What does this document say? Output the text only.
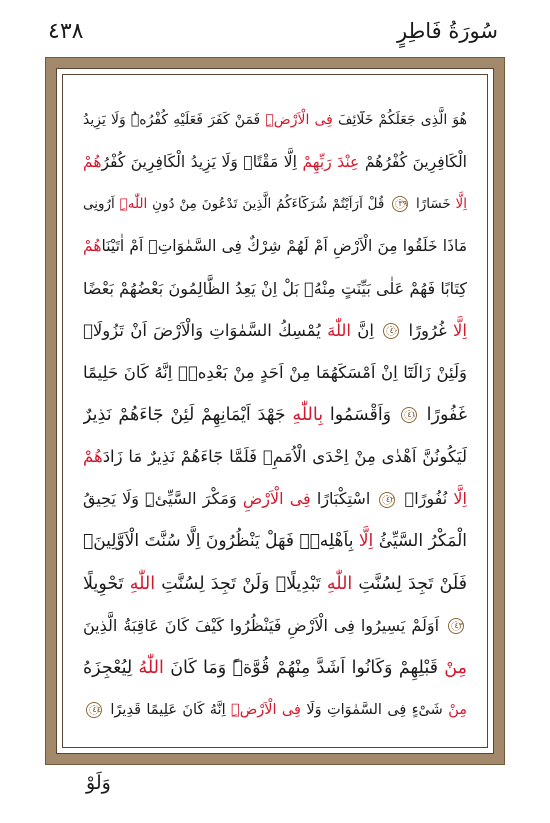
٤٣٨	سُورَةُ فَاطِرٍ
هُوَ الَّذِى جَعَلَكُمْ خَلَٓائِفَ فِى الْاَرْضِۜ فَمَنْ كَفَرَ فَعَلَيْهِ كُفْرُهُۜ وَلَا يَزِيدُ
الْكَافِرِينَ كُفْرُهُمْ عِنْدَ رَبِّهِمْ اِلَّا مَقْتًاۚ وَلَا يَزِيدُ الْكَافِرِينَ كُفْرُهُمْ
اِلَّا خَسَارًا ٣٩ قُلْ اَرَاَيْتُمْ شُرَكَٓاءَكُمُ الَّذِينَ تَدْعُونَ مِنْ دُونِ اللّٰهِۜ اَرُونِى
مَاذَا خَلَقُوا مِنَ الْاَرْضِ اَمْ لَهُمْ شِرْكٌ فِى السَّمٰوَاتِۚ اَمْ اٰتَيْنَاهُمْ
كِتَابًا فَهُمْ عَلٰى بَيِّنَتٍ مِنْهُۚ بَلْ اِنْ يَعِدُ الظَّالِمُونَ بَعْضُهُمْ بَعْضًا
اِلَّا غُرُورًا ٤٠ اِنَّ اللّٰهَ يُمْسِكُ السَّمٰوَاتِ وَالْاَرْضَ اَنْ تَزُولَاۚ
وَلَئِنْ زَالَتَٓا اِنْ اَمْسَكَهُمَا مِنْ اَحَدٍ مِنْ بَعْدِهٖۜ اِنَّهُ كَانَ حَلِيمًا
غَفُورًا ٤١ وَاَقْسَمُوا بِاللّٰهِ جَهْدَ اَيْمَانِهِمْ لَئِنْ جَٓاءَهُمْ نَذِيرٌ
لَيَكُونُنَّ اَهْدٰى مِنْ اِحْدَى الْاُمَمِۚ فَلَمَّا جَٓاءَهُمْ نَذِيرٌ مَا زَادَهُمْ
اِلَّا نُفُورًاۙ ٤٢ اسْتِكْبَارًا فِى الْاَرْضِ وَمَكْرَ السَّيِّئِۜ وَلَا يَحِيقُ
الْمَكْرُ السَّيِّئُ اِلَّا بِاَهْلِهٖۜ فَهَلْ يَنْظُرُونَ اِلَّا سُنَّتَ الْاَوَّلِينَۚ
فَلَنْ تَجِدَ لِسُنَّتِ اللّٰهِ تَبْدِيلًاۚ وَلَنْ تَجِدَ لِسُنَّتِ اللّٰهِ تَحْوِيلًا
٤٣ اَوَلَمْ يَسِيرُوا فِى الْاَرْضِ فَيَنْظُرُوا كَيْفَ كَانَ عَاقِبَةُ الَّذِينَ
مِنْ قَبْلِهِمْ وَكَانُوا اَشَدَّ مِنْهُمْ قُوَّةًۜ وَمَا كَانَ اللّٰهُ لِيُعْجِزَهُ
مِنْ شَیْءٍ فِى السَّمٰوَاتِ وَلَا فِى الْاَرْضِۜ اِنَّهُ كَانَ عَلِيمًا قَدِيرًا ٤٤
وَلَوْ
